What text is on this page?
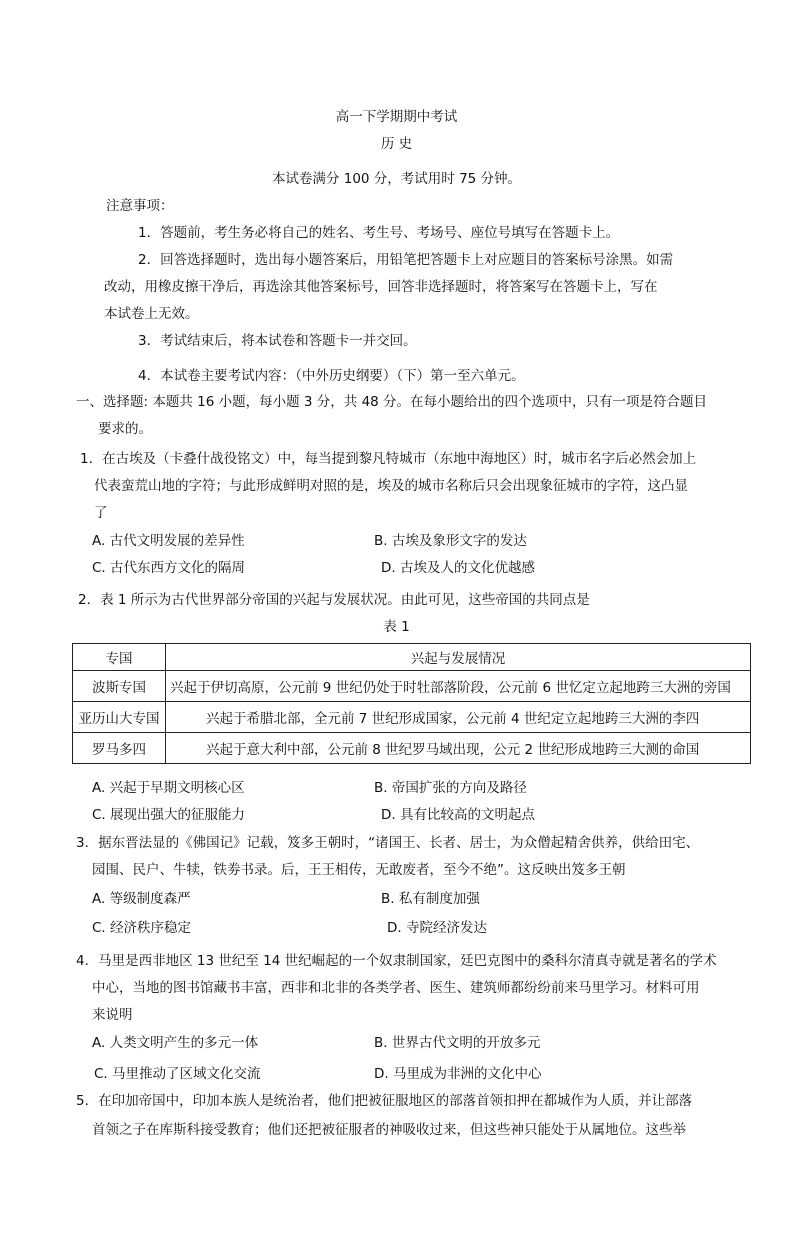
高一下学期期中考试
历 史
本试卷满分 100 分，考试用时 75 分钟。
注意事项：
1．答题前，考生务必将自己的姓名、考生号、考场号、座位号填写在答题卡上。
2．回答选择题时，选出每小题答案后，用铅笔把答题卡上对应题目的答案标号涂黑。如需
改动，用橡皮擦干净后，再选涂其他答案标号，回答非选择题时，将答案写在答题卡上，写在
本试卷上无效。
3．考试结束后，将本试卷和答题卡一并交回。
4．本试卷主要考试内容：（中外历史纲要）（下）第一至六单元。
一、选择题: 本题共 16 小题，每小题 3 分，共 48 分。在每小题给出的四个选项中，只有一项是符合题目
要求的。
1．在古埃及（卡叠什战役铭文）中，每当提到黎凡特城市（东地中海地区）时，城市名字后必然会加上
代表蛮荒山地的字符；与此形成鲜明对照的是，埃及的城市名称后只会出现象征城市的字符，这凸显
了
A. 古代文明发展的差异性	B. 古埃及象形文字的发达
C. 古代东西方文化的隔周	D. 古埃及人的文化优越感
2．表 1 所示为古代世界部分帝国的兴起与发展状况。由此可见，这些帝国的共同点是
表 1
专国	兴起与发展情况
波斯专国	兴起于伊切高原，公元前 9 世纪仍处于时牡部落阶段，公元前 6 世忆定立起地跨三大洲的旁国
亚历山大专国	兴起于希腊北部，全元前 7 世纪形成国家，公元前 4 世纪定立起地跨三大洲的李四
罗马多四	兴起于意大利中部，公元前 8 世纪罗马域出现，公元 2 世纪形成地跨三大测的命国
A. 兴起于早期文明核心区	B. 帝国扩张的方向及路径
C. 展现出强大的征服能力	D. 具有比较高的文明起点
3．据东晋法显的《佛国记》记载，笈多王朝时，“诸国王、长者、居士，为众僧起精舍供养，供给田宅、
园围、民户、牛犊，铁劵书录。后，王王相传，无敢废者，至今不绝”。这反映出笈多王朝
A. 等级制度森严	B. 私有制度加强
C. 经济秩序稳定	D. 寺院经济发达
4．马里是西非地区 13 世纪至 14 世纪崛起的一个奴隶制国家，廷巴克图中的桑科尔清真寺就是著名的学术
中心，当地的图书馆藏书丰富，西非和北非的各类学者、医生、建筑师都纷纷前来马里学习。材料可用
来说明
A. 人类文明产生的多元一体	B. 世界古代文明的开放多元
C. 马里推动了区域文化交流	D. 马里成为非洲的文化中心
5．在印加帝国中，印加本族人是统治者，他们把被征服地区的部落首领扣押在都城作为人质，并让部落
首领之子在库斯科接受教育；他们还把被征服者的神吸收过来，但这些神只能处于从属地位。这些举
